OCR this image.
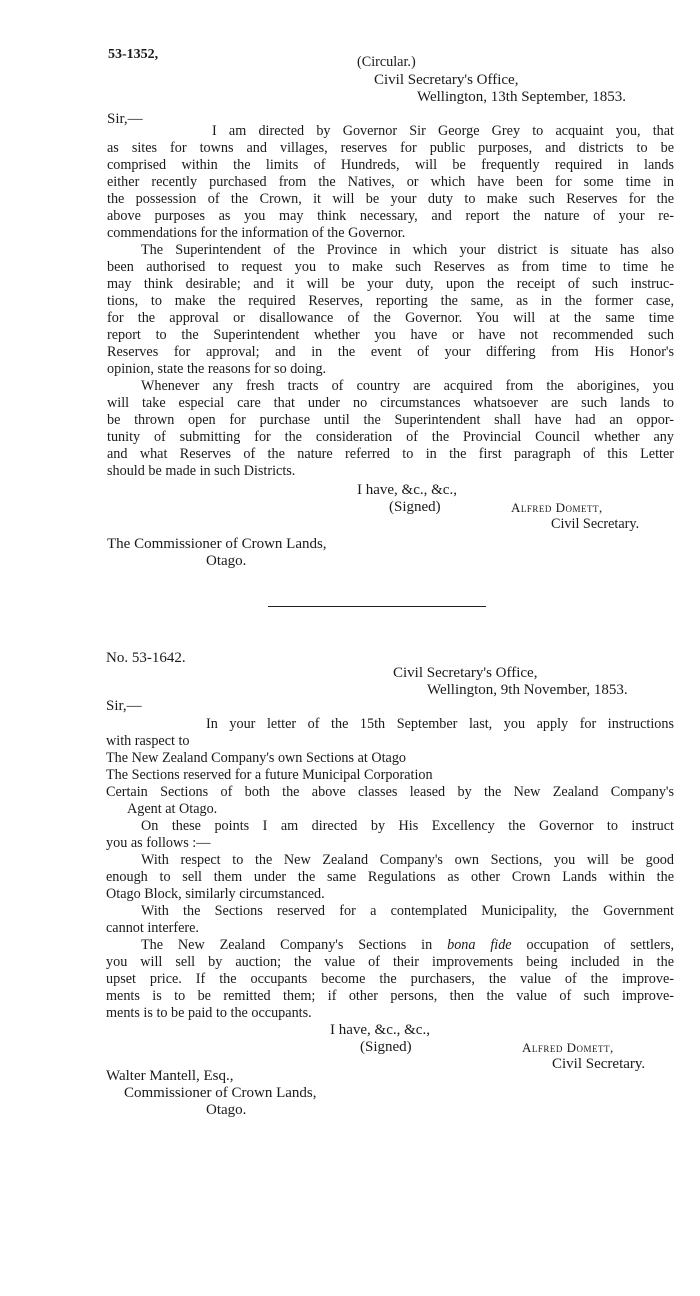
53-1352,	(Circular.)

Civil Secretary's Office,

Wellington, 13th September, 1853.

Sir,—

I am directed by Governor Sir George Grey to acquaint you, that

as sites for towns and villages, reserves for public purposes, and districts to be

comprised within the limits of Hundreds, will be frequently required in lands

either recently purchased from the Natives, or which have been for some time in

the possession of the Crown, it will be your duty to make such Reserves for the

above purposes as you may think necessary, and report the nature of your re-

commendations for the information of the Governor.

The Superintendent of the Province in which your district is situate has also

been authorised to request you to make such Reserves as from time to time he

may think desirable; and it will be your duty, upon the receipt of such instruc-

tions, to make the required Reserves, reporting the same, as in the former case,

for the approval or disallowance of the Governor. You will at the same time

report to the Superintendent whether you have or have not recommended such

Reserves for approval; and in the event of your differing from His Honor's

opinion, state the reasons for so doing.

Whenever any fresh tracts of country are acquired from the aborigines, you

will take especial care that under no circumstances whatsoever are such lands to

be thrown open for purchase until the Superintendent shall have had an oppor-

tunity of submitting for the consideration of the Provincial Council whether any

and what Reserves of the nature referred to in the first paragraph of this Letter

should be made in such Districts.

I have, &c., &c.,

(Signed)	Alfred Domett,

Civil Secretary.

The Commissioner of Crown Lands,

Otago.

No. 53-1642.

Civil Secretary's Office,

Wellington, 9th November, 1853.

Sir,—

In your letter of the 15th September last, you apply for instructions

with raspect to

The New Zealand Company's own Sections at Otago

The Sections reserved for a future Municipal Corporation

Certain Sections of both the above classes leased by the New Zealand Company's

Agent at Otago.

On these points I am directed by His Excellency the Governor to instruct

you as follows :—

With respect to the New Zealand Company's own Sections, you will be good

enough to sell them under the same Regulations as other Crown Lands within the

Otago Block, similarly circumstanced.

With the Sections reserved for a contemplated Municipality, the Government

cannot interfere.

The New Zealand Company's Sections in bona fide occupation of settlers,

you will sell by auction; the value of their improvements being included in the

upset price. If the occupants become the purchasers, the value of the improve-

ments is to be remitted them; if other persons, then the value of such improve-

ments is to be paid to the occupants.

I have, &c., &c.,

(Signed)	Alfred Domett,

Civil Secretary.

Walter Mantell, Esq.,

Commissioner of Crown Lands,

Otago.
